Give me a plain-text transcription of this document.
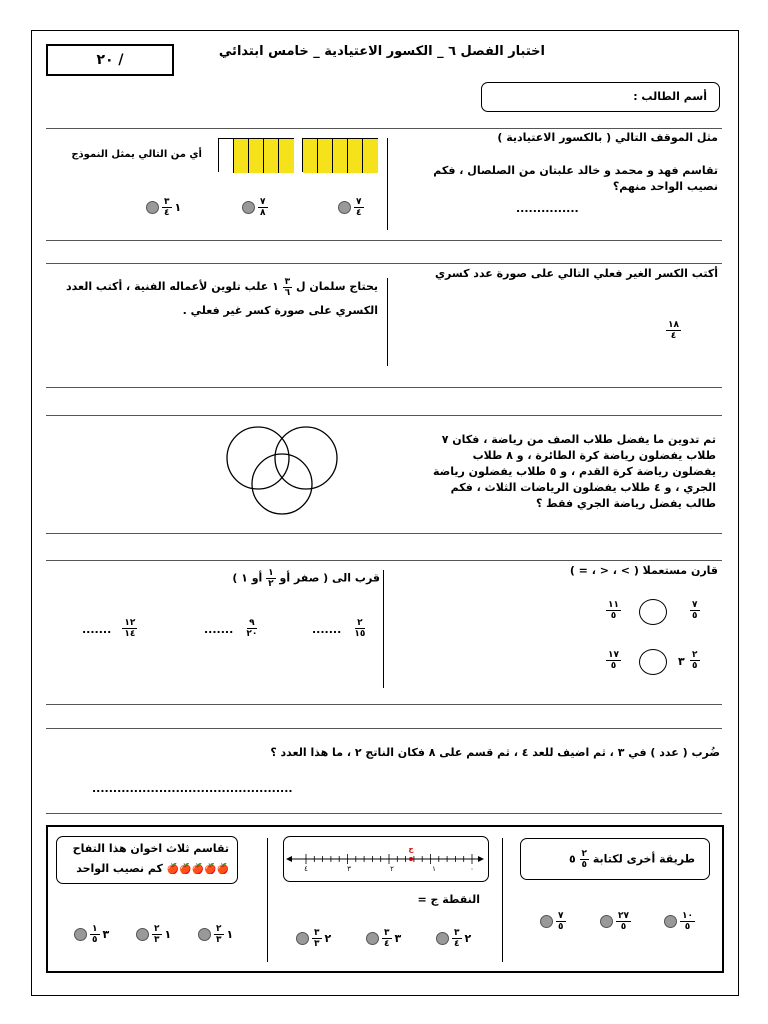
٢٠ /
اختبار الفصل ٦ _ الكسور الاعتيادية _ خامس ابتدائي
أسم الطالب :
مثل الموقف التالي ( بالكسور الاعتيادية )
تقاسم فهد و محمد و خالد علبتان من الصلصال ، فكم نصيب الواحد منهم؟
...............
أي من التالي يمثل النموذج
$\frac{٧}{٤}$
$\frac{٧}{٨}$
١
$\frac{٣}{٤}$
أكتب الكسر الغير فعلي التالي على صورة عدد كسري
$\frac{١٨}{٤}$
يحتاج سلمان ل
$\frac{٣}{٦}$
١ علب تلوين لأعماله الفنية ، أكتب العدد الكسري على صورة كسر غير فعلي .
تم تدوين ما يفضل طلاب الصف من رياضة ، فكان ٧ طلاب يفضلون رياضة كرة الطائرة ، و ٨ طلاب يفضلون رياضة كرة القدم ، و ٥ طلاب يفضلون رياضة الجري ، و ٤ طلاب يفضلون الرياضات الثلاث ، فكم طالب يفضل رياضة الجري فقط ؟
قارن مستعملا ( > ، < ، = )
١١
٥
٧
٥
١٧
٥	٣ ٢
٥
قرب الى ( صفر أو
$\frac{١}{٢}$
أو ١ )
....... $\frac{٢}{١٥}$
....... $\frac{٩}{٢٠}$
....... $\frac{١٢}{١٤}$
ضُرب ( عدد ) في ٣ ، ثم اضيف للعد ٤ ، ثم قسم على ٨ فكان الناتج ٢ ، ما هذا العدد ؟
................................................
طريقة أخرى لكتابة
$\frac{٢}{٥}$
٥
$\frac{١٠}{٥}$
$\frac{٢٧}{٥}$
$\frac{٧}{٥}$
ج
٠
١
٢
٣
٤
النقطة ج =
٢
$\frac{٣}{٤}$
٣
$\frac{٣}{٤}$
٢
$\frac{٣}{٣}$
تقاسم ثلاث اخوان هذا التفاح
🍎🍎🍎🍎🍎 كم نصيب الواحد
١
$\frac{٢}{٣}$
١
$\frac{٢}{٣}$
٣
$\frac{١}{٥}$
